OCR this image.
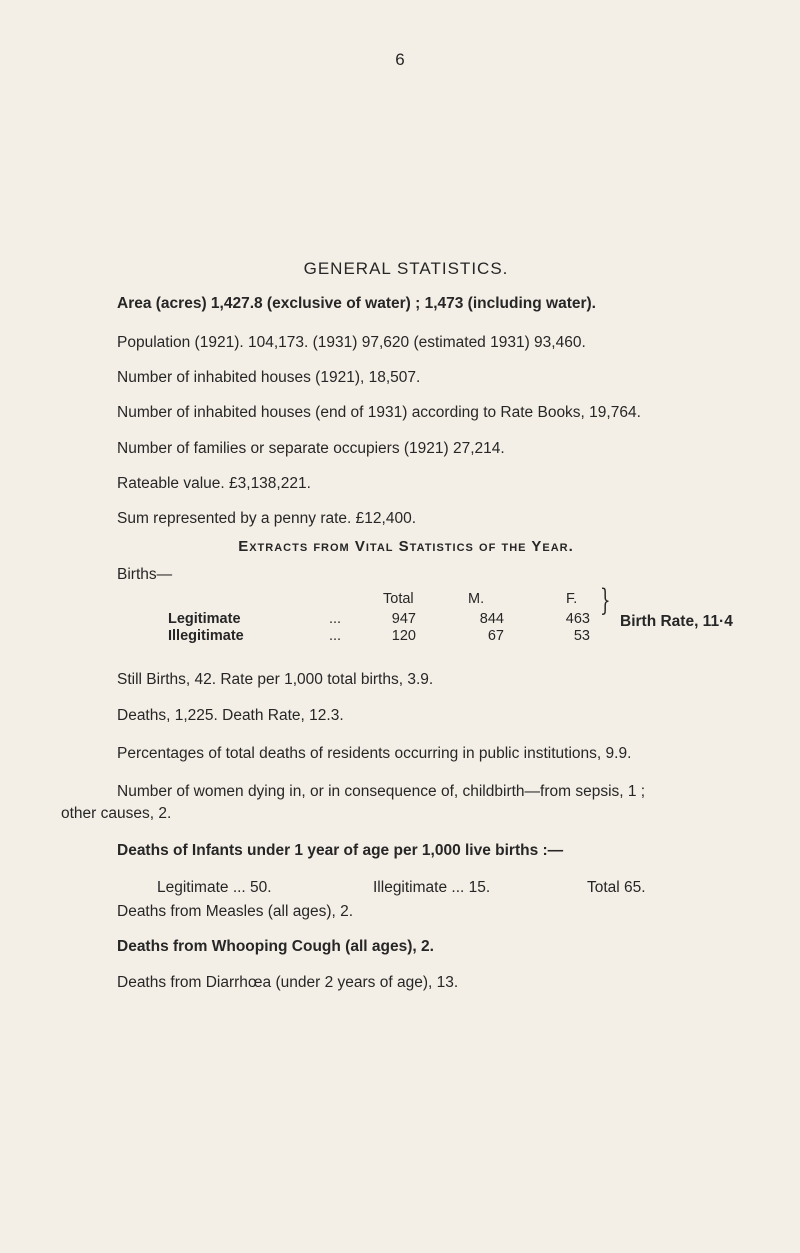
6
GENERAL STATISTICS.
Area (acres) 1,427.8 (exclusive of water) ; 1,473 (including water).
Population (1921). 104,173. (1931) 97,620 (estimated 1931) 93,460.
Number of inhabited houses (1921), 18,507.
Number of inhabited houses (end of 1931) according to Rate Books, 19,764.
Number of families or separate occupiers (1921) 27,214.
Rateable value. £3,138,221.
Sum represented by a penny rate. £12,400.
Extracts from Vital Statistics of the Year.
Births—
Total	M.	F.
Legitimate	...	947	844	463
Illegitimate	...	120	67	53
}
Birth Rate, 11·4
Still Births, 42. Rate per 1,000 total births, 3.9.
Deaths, 1,225. Death Rate, 12.3.
Percentages of total deaths of residents occurring in public institutions, 9.9.
Number of women dying in, or in consequence of, childbirth—from sepsis, 1 ;
other causes, 2.
Deaths of Infants under 1 year of age per 1,000 live births :—
Legitimate ... 50.	Illegitimate ... 15.	Total 65.
Deaths from Measles (all ages), 2.
Deaths from Whooping Cough (all ages), 2.
Deaths from Diarrhœa (under 2 years of age), 13.
